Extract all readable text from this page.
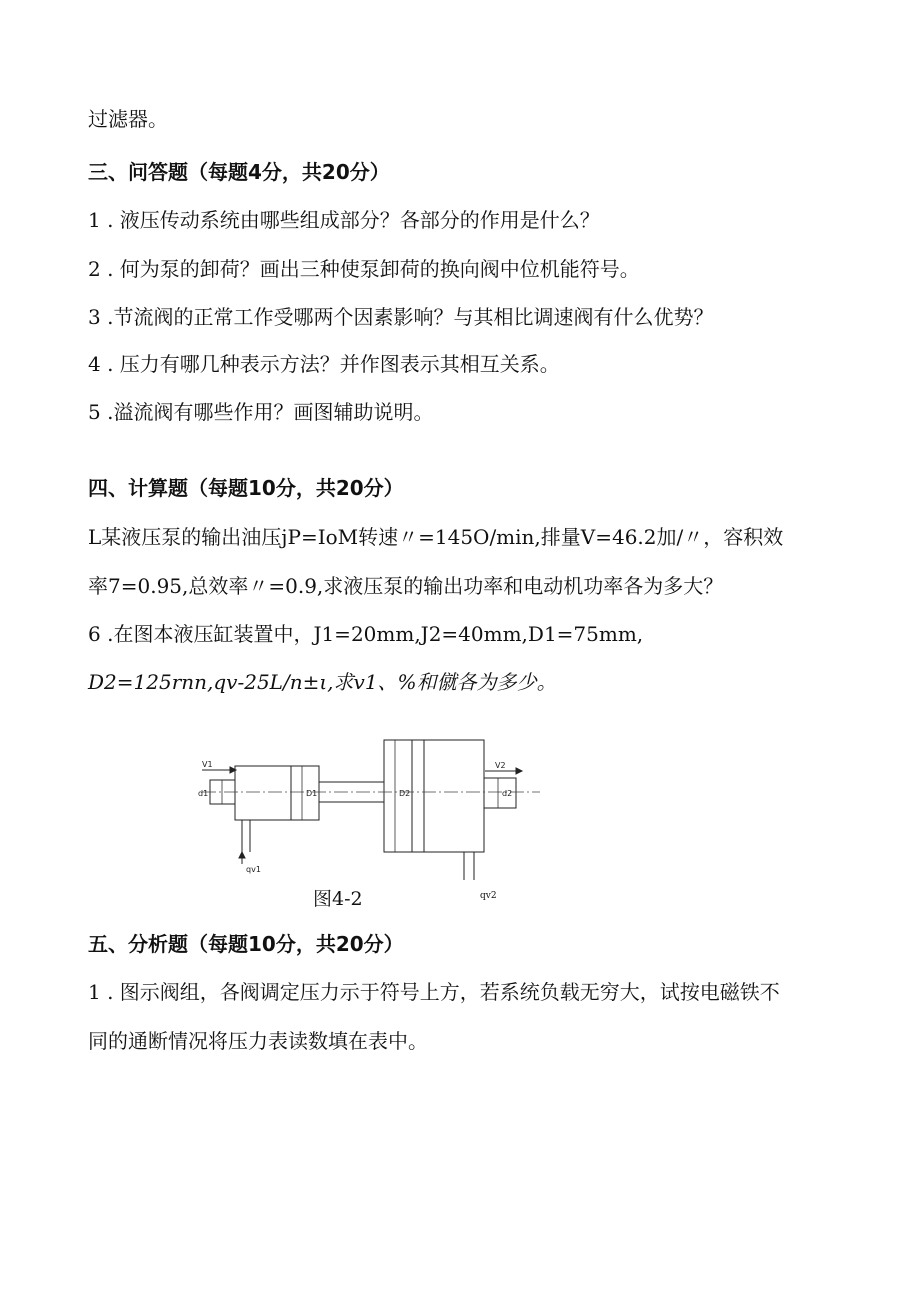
过滤器。
三、问答题（每题4分，共20分）
1 . 液压传动系统由哪些组成部分？各部分的作用是什么？
2 . 何为泵的卸荷？画出三种使泵卸荷的换向阀中位机能符号。
3 .节流阀的正常工作受哪两个因素影响？与其相比调速阀有什么优势？
4 . 压力有哪几种表示方法？并作图表示其相互关系。
5 .溢流阀有哪些作用？画图辅助说明。
四、计算题（每题10分，共20分）
L某液压泵的输出油压jP=IoM转速〃=145O∕min,排量V=46.2加/〃，容积效
率7=0.95,总效率〃=0.9,求液压泵的输出功率和电动机功率各为多大？
6 .在图本液压缸装置中，J1=20mm,J2=40mm,D1=75mm,
D2=125rnn,qv-25L∕n±ι,求v1、%和僦各为多少。
V1	V2
d1	D1	D2	d2
qv1
图4-2	qv2
五、分析题（每题10分，共20分）
1 . 图示阀组，各阀调定压力示于符号上方，若系统负载无穷大，试按电磁铁不
同的通断情况将压力表读数填在表中。
